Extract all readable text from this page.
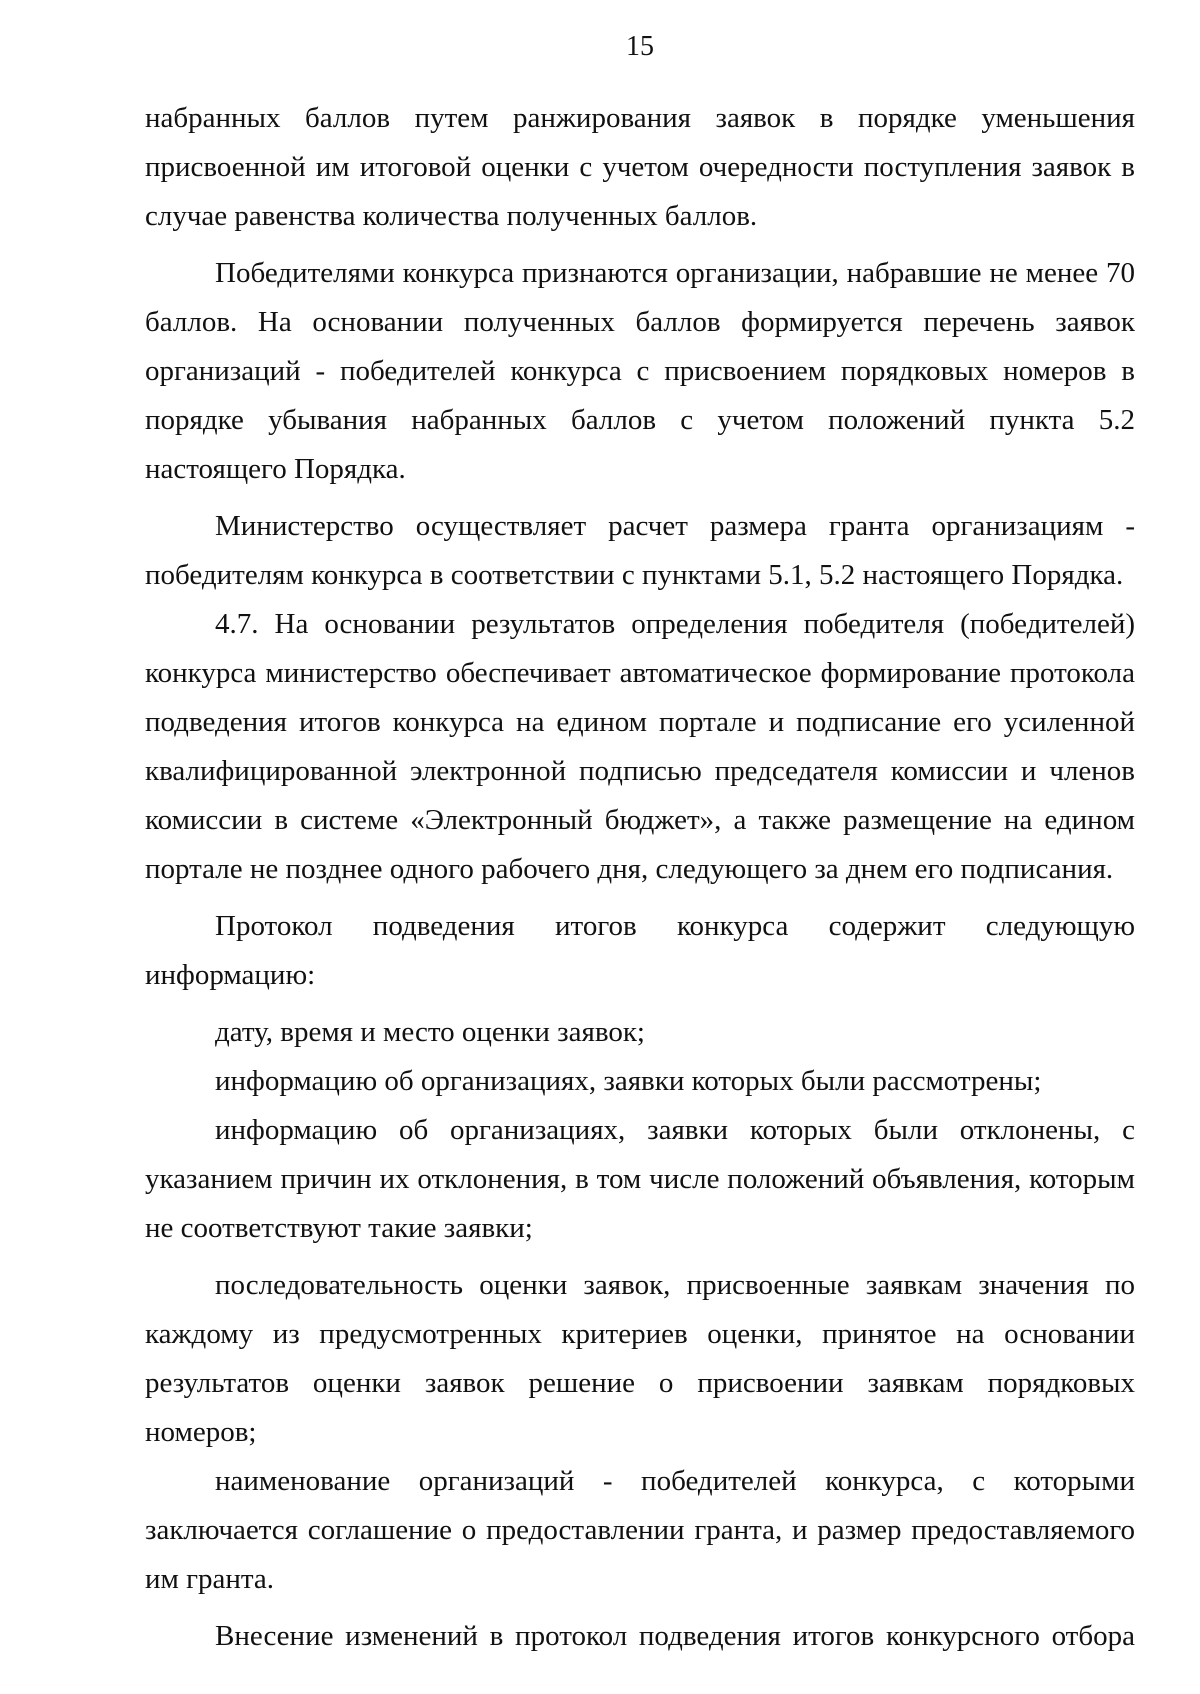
15

набранных баллов путем ранжирования заявок в порядке уменьшения присвоенной им итоговой оценки с учетом очередности поступления заявок в случае равенства количества полученных баллов.

Победителями конкурса признаются организации, набравшие не менее 70 баллов. На основании полученных баллов формируется перечень заявок организаций - победителей конкурса с присвоением порядковых номеров в порядке убывания набранных баллов с учетом положений пункта 5.2 настоящего Порядка.

Министерство осуществляет расчет размера гранта организациям - победителям конкурса в соответствии с пунктами 5.1, 5.2 настоящего Порядка.

4.7. На основании результатов определения победителя (победителей) конкурса министерство обеспечивает автоматическое формирование протокола подведения итогов конкурса на едином портале и подписание его усиленной квалифицированной электронной подписью председателя комиссии и членов комиссии в системе «Электронный бюджет», а также размещение на едином портале не позднее одного рабочего дня, следующего за днем его подписания.

Протокол подведения итогов конкурса содержит следующую информацию:

дату, время и место оценки заявок;

информацию об организациях, заявки которых были рассмотрены;

информацию об организациях, заявки которых были отклонены, с указанием причин их отклонения, в том числе положений объявления, которым не соответствуют такие заявки;

последовательность оценки заявок, присвоенные заявкам значения по каждому из предусмотренных критериев оценки, принятое на основании результатов оценки заявок решение о присвоении заявкам порядковых номеров;

наименование организаций - победителей конкурса, с которыми заключается соглашение о предоставлении гранта, и размер предоставляемого им гранта.

Внесение изменений в протокол подведения итогов конкурсного отбора
